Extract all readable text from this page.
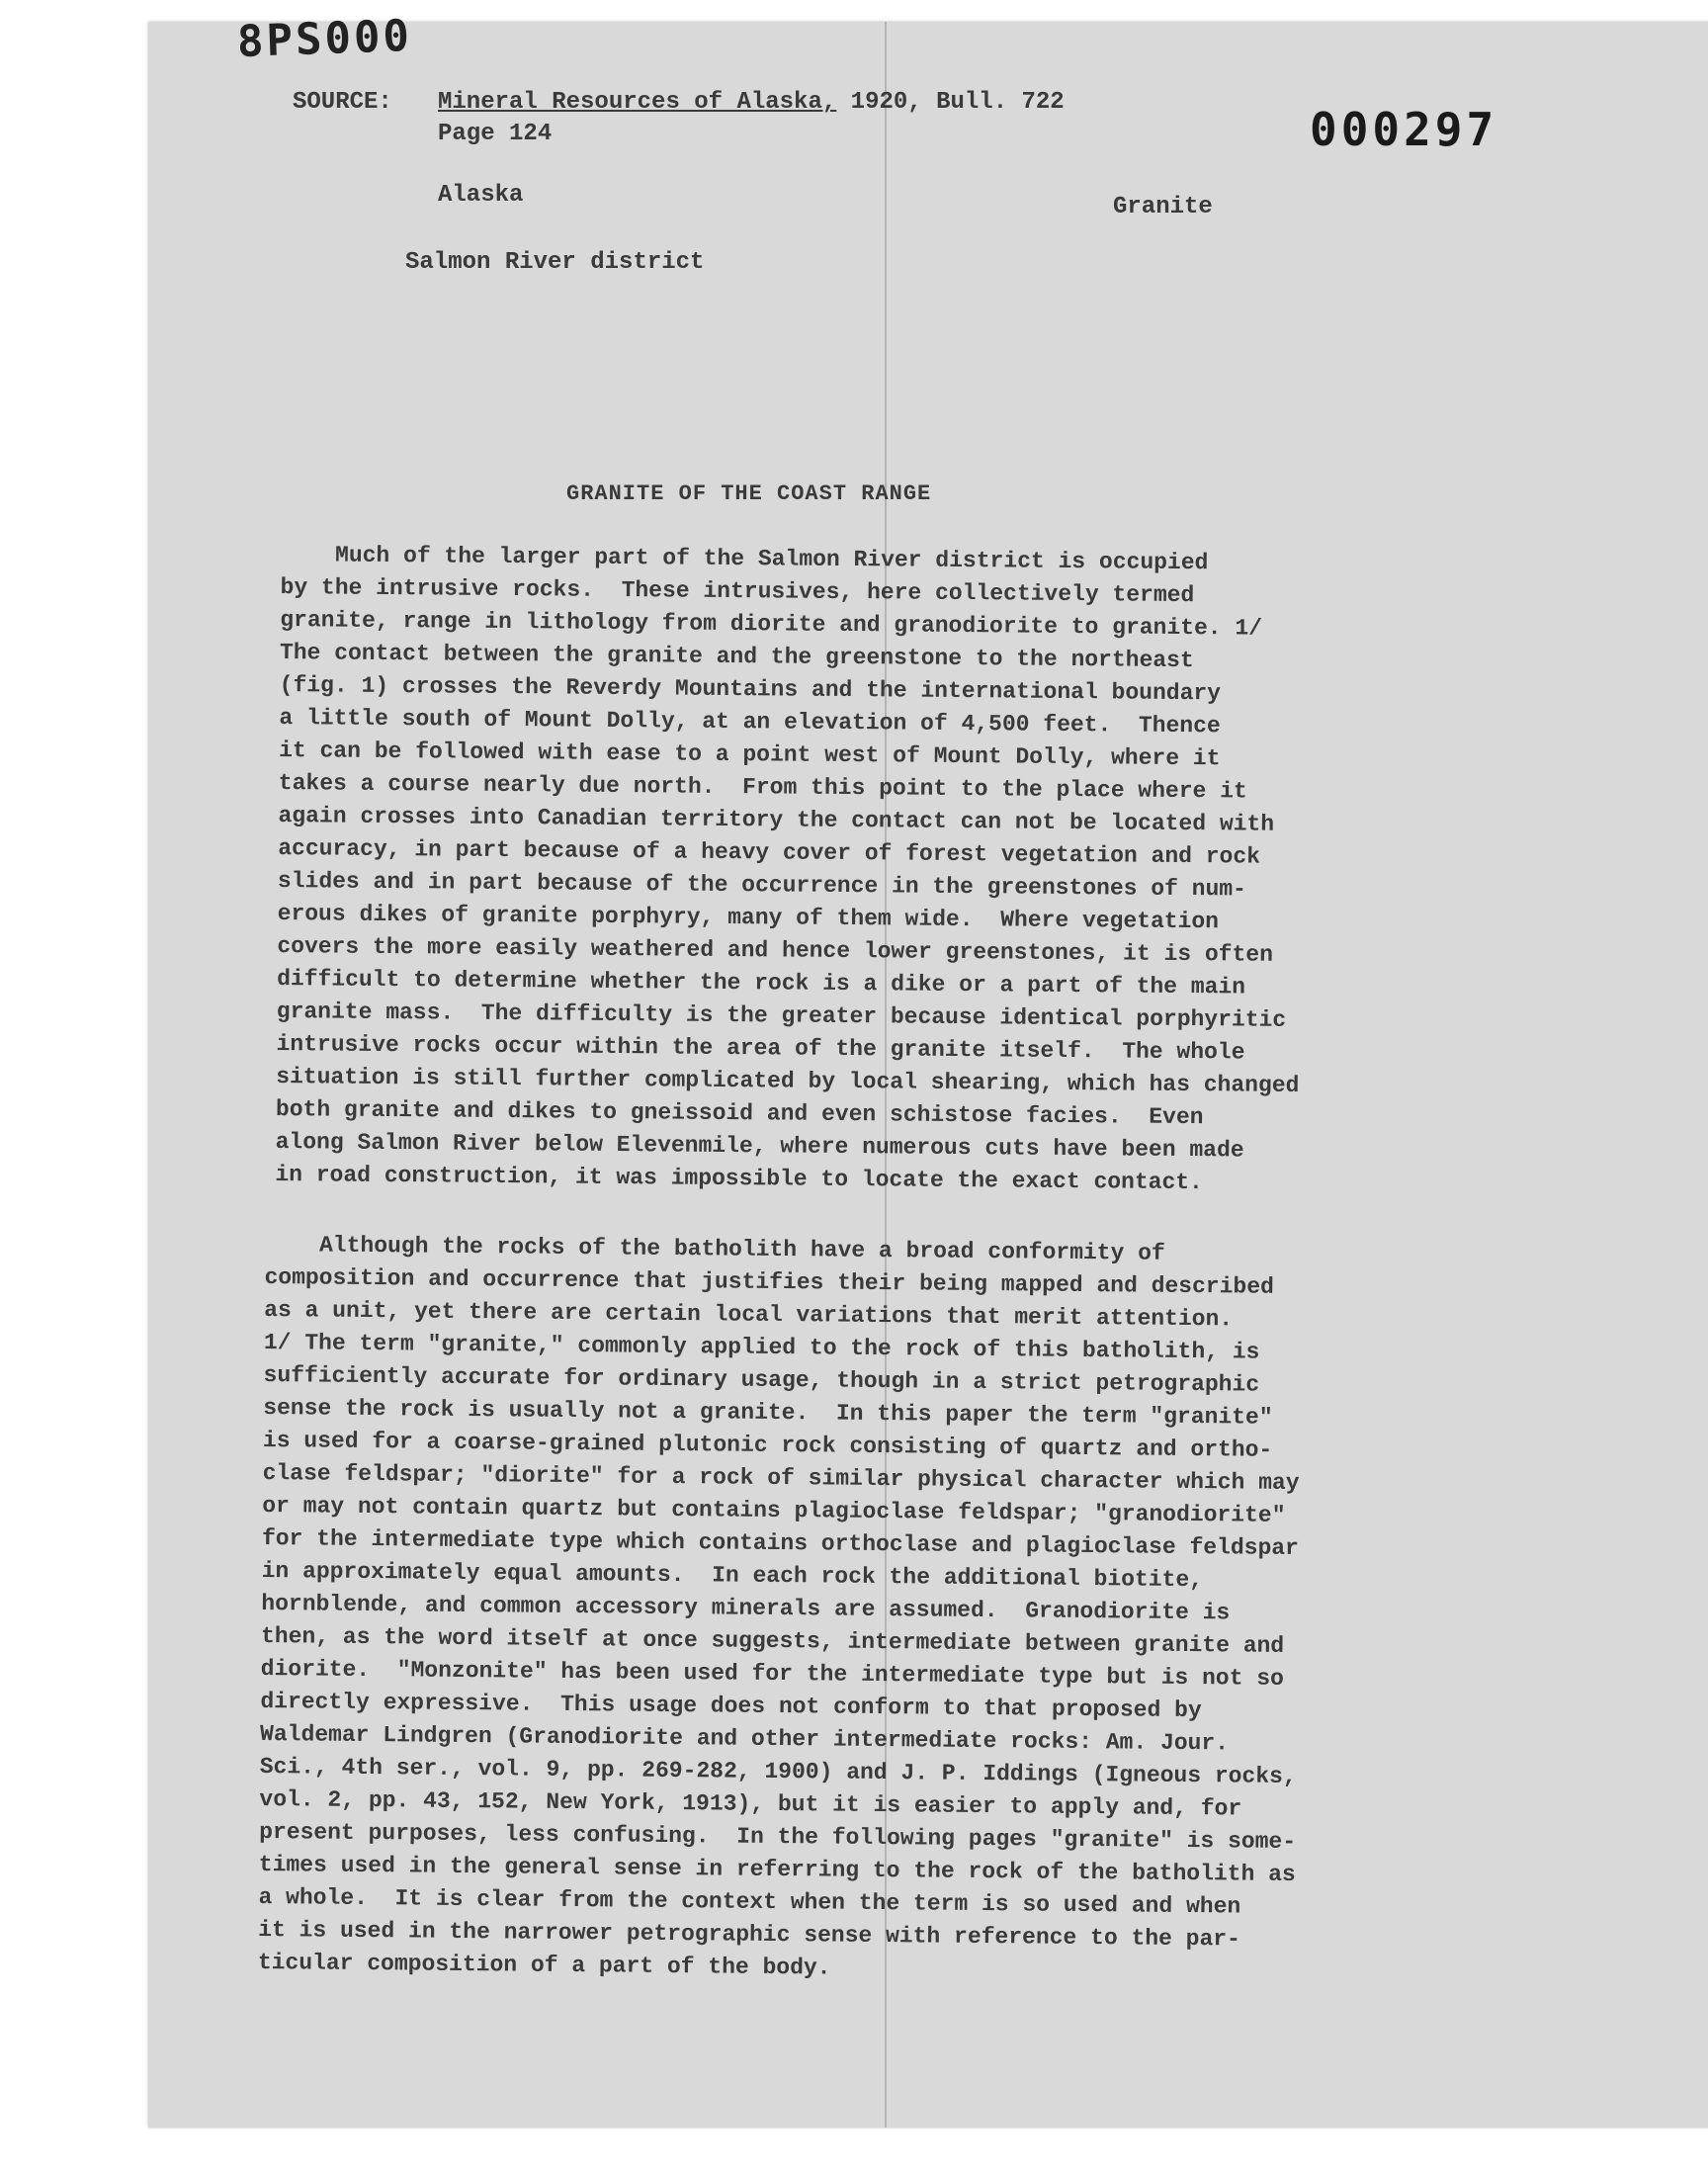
8PS000
000297
SOURCE: Mineral Resources of Alaska, 1920, Bull. 722
Page 124
Alaska	Granite
Salmon River district
GRANITE OF THE COAST RANGE
Much of the larger part of the Salmon River district is occupied
by the intrusive rocks.  These intrusives, here collectively termed
granite, range in lithology from diorite and granodiorite to granite. 1/
The contact between the granite and the greenstone to the northeast
(fig. 1) crosses the Reverdy Mountains and the international boundary
a little south of Mount Dolly, at an elevation of 4,500 feet.  Thence
it can be followed with ease to a point west of Mount Dolly, where it
takes a course nearly due north.  From this point to the place where it
again crosses into Canadian territory the contact can not be located with
accuracy, in part because of a heavy cover of forest vegetation and rock
slides and in part because of the occurrence in the greenstones of num-
erous dikes of granite porphyry, many of them wide.  Where vegetation
covers the more easily weathered and hence lower greenstones, it is often
difficult to determine whether the rock is a dike or a part of the main
granite mass.  The difficulty is the greater because identical porphyritic
intrusive rocks occur within the area of the granite itself.  The whole
situation is still further complicated by local shearing, which has changed
both granite and dikes to gneissoid and even schistose facies.  Even
along Salmon River below Elevenmile, where numerous cuts have been made
in road construction, it was impossible to locate the exact contact.
Although the rocks of the batholith have a broad conformity of
composition and occurrence that justifies their being mapped and described
as a unit, yet there are certain local variations that merit attention.
1/ The term "granite," commonly applied to the rock of this batholith, is
sufficiently accurate for ordinary usage, though in a strict petrographic
sense the rock is usually not a granite.  In this paper the term "granite"
is used for a coarse-grained plutonic rock consisting of quartz and ortho-
clase feldspar; "diorite" for a rock of similar physical character which may
or may not contain quartz but contains plagioclase feldspar; "granodiorite"
for the intermediate type which contains orthoclase and plagioclase feldspar
in approximately equal amounts.  In each rock the additional biotite,
hornblende, and common accessory minerals are assumed.  Granodiorite is
then, as the word itself at once suggests, intermediate between granite and
diorite.  "Monzonite" has been used for the intermediate type but is not so
directly expressive.  This usage does not conform to that proposed by
Waldemar Lindgren (Granodiorite and other intermediate rocks: Am. Jour.
Sci., 4th ser., vol. 9, pp. 269-282, 1900) and J. P. Iddings (Igneous rocks,
vol. 2, pp. 43, 152, New York, 1913), but it is easier to apply and, for
present purposes, less confusing.  In the following pages "granite" is some-
times used in the general sense in referring to the rock of the batholith as
a whole.  It is clear from the context when the term is so used and when
it is used in the narrower petrographic sense with reference to the par-
ticular composition of a part of the body.
